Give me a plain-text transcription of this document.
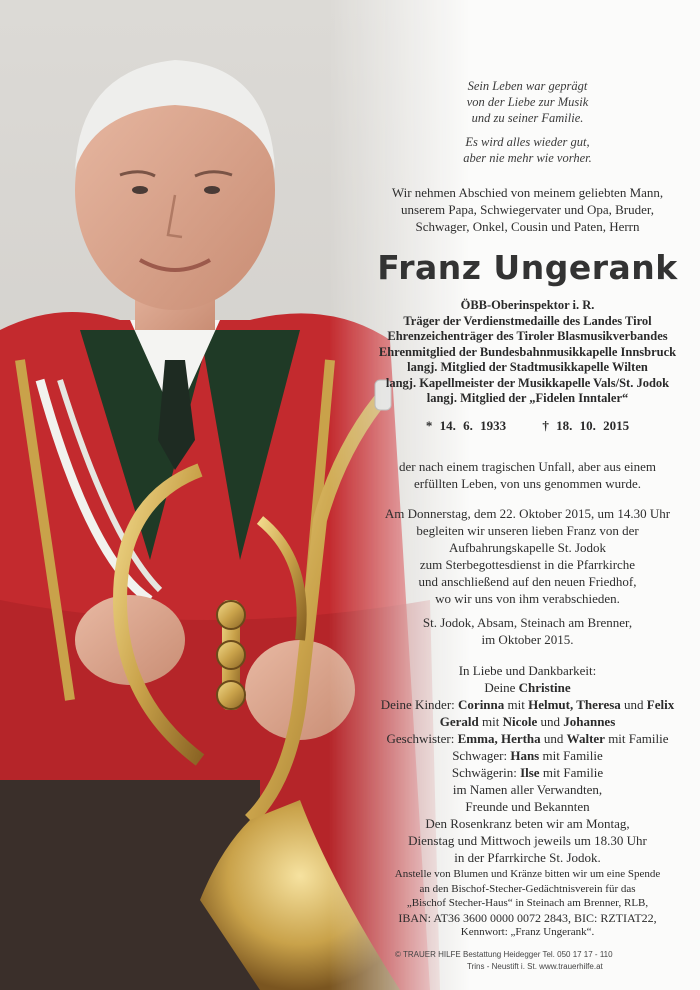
Sein Leben war geprägt
von der Liebe zur Musik
und zu seiner Familie.
Es wird alles wieder gut,
aber nie mehr wie vorher.
Wir nehmen Abschied von meinem geliebten Mann,
unserem Papa, Schwiegervater und Opa, Bruder,
Schwager, Onkel, Cousin und Paten, Herrn
Franz Ungerank
ÖBB-Oberinspektor i. R.
Träger der Verdienstmedaille des Landes Tirol
Ehrenzeichenträger des Tiroler Blasmusikverbandes
Ehrenmitglied der Bundesbahnmusikkapelle Innsbruck
langj. Mitglied der Stadtmusikkapelle Wilten
langj. Kapellmeister der Musikkapelle Vals/St. Jodok
langj. Mitglied der „Fidelen Inntaler“
* 14. 6. 1933	† 18. 10. 2015
der nach einem tragischen Unfall, aber aus einem
erfüllten Leben, von uns genommen wurde.
Am Donnerstag, dem 22. Oktober 2015, um 14.30 Uhr
begleiten wir unseren lieben Franz von der
Aufbahrungskapelle St. Jodok
zum Sterbegottesdienst in die Pfarrkirche
und anschließend auf den neuen Friedhof,
wo wir uns von ihm verabschieden.
St. Jodok, Absam, Steinach am Brenner,
im Oktober 2015.
In Liebe und Dankbarkeit:
Deine Christine
Deine Kinder: Corinna mit Helmut, Theresa und Felix
Gerald mit Nicole und Johannes
Geschwister: Emma, Hertha und Walter mit Familie
Schwager: Hans mit Familie
Schwägerin: Ilse mit Familie
im Namen aller Verwandten,
Freunde und Bekannten
Den Rosenkranz beten wir am Montag,
Dienstag und Mittwoch jeweils um 18.30 Uhr
in der Pfarrkirche St. Jodok.
Anstelle von Blumen und Kränze bitten wir um eine Spende
an den Bischof-Stecher-Gedächtnisverein für das
„Bischof Stecher-Haus“ in Steinach am Brenner, RLB,
IBAN: AT36 3600 0000 0072 2843, BIC: RZTIAT22,
Kennwort: „Franz Ungerank“.
© TRAUER HILFE Bestattung Heidegger Tel. 050 17 17 - 110
Trins - Neustift i. St. www.trauerhilfe.at
